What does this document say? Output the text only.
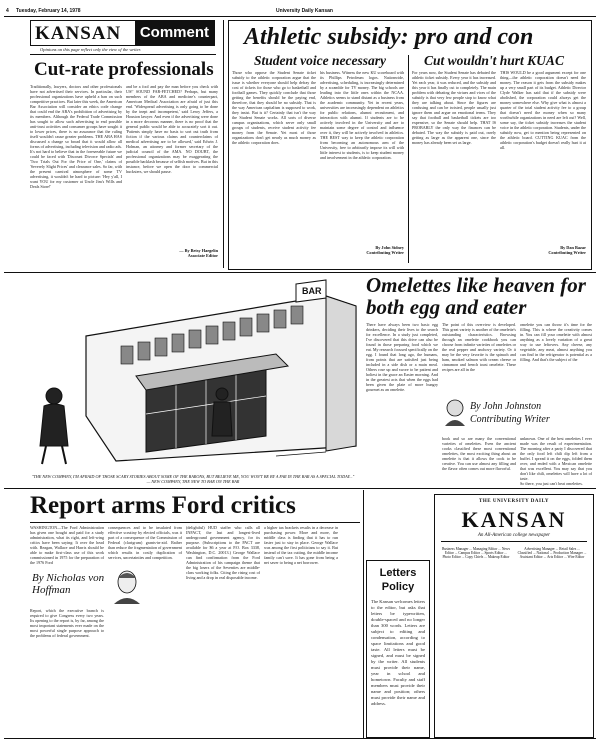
4 Tuesday, February 14, 1978	University Daily Kansan
KANSAN	Comment
Opinions on this page reflect only the view of the writer.
Cut-rate professionals
Traditionally, lawyers, doctors and other professionals have not advertised their services. In particular, their professional organizations have upheld a ban on such competitive practices. But later this week, the American Bar Association will consider an ethics code change that could end the ABA's prohibition of advertising by its members. Although the Federal Trade Commission has sought to allow such advertising to end possible anti-trust activities and consumer groups have sought it to lower prices, there is no assurance that the ruling itself wouldn't cause greater problems. THE ABA HAS discussed a change so broad that it would allow all forms of advertising, including television and radio ads. It's not hard to believe that in the foreseeable future we could be faced with 'Discount Divorce Specials' and 'Two Trials Out For the Price of One,' claims of 'Severely Slight Prices' and clearance sales. So far, with the present carnival atmosphere of some TV advertising, it wouldn't be hard to picture: 'Hey y'all, I want YOU for my customer at Uncle Jim's Wills and Deals Store!'
and be a fool and pay the man before you check with US!' SOUND FAR-FETCHED? Perhaps, but many members of the ABA and medicine's counterpart, American Medical Association are afraid of just this end. 'Widespread advertising is only going to be done by the inept and incompetent,' said Leroy Jeffers, a Houston lawyer. And even if the advertising were done in a more decorous manner, there is no proof that the general public would be able to accurately sort it out. 'Patients simply have no basis to sort out truth from fiction if the various claims and counterclaims of medical advertising are to be allowed,' said Edwin J. Holman, an attorney and former secretary of the judicial council of the AMA. NO DOUBT, the professional organizations may be exaggerating the possible backlash because of selfish motives. But in this instance, before we open the door to commercial hucksters, we should pause.
— By Betsy Haegelin
Associate Editor
Athletic subsidy: pro and con
Student voice necessary	Cut wouldn't hurt KUAC
Those who oppose the Student Senate ticket subsidy to the athletic corporation argue that the issue is whether everyone should help defray the cost of tickets for those who go to basketball and football games. They quickly conclude that those getting the benefits should be the paying end, therefore, that they should be no subsidy. That is the way American capitalism is supposed to work, they insist. But is it? Certainly that isn't the way the Student Senate works. All sorts of diverse campus organizations, which serve only small groups of students, receive student activity fee money from the Senate. Yet most of those organizations don't get nearly as much money as the athletic corporation does.
his business. Witness the new KU scoreboard with its Phillips Petroleum logos. Nationwide, advertising, scheduling, is increasingly determined by a scramble for TV money. The big schools are leading into the little ones within the NCAA. Athletics seems to stand distant as a business from the academic community. Yet in recent years, universities are increasingly dependent on athletics for public relations, alumni recruitment, and interaction with alumni. If students are to be actively involved in the University and are to maintain some degree of control and influence over it, they will be actively involved in athletics. THE BEST way to keep the athletic corporation from becoming an autonomous arm of the University, free to arbitrarily impose its will with little interest to students, is to keep student money and involvement in the athletic corporation.
By John Sidney
Contributing Writer
For years now, the Student Senate has debated the athletic ticket subsidy. Every year it has increased. Yet each year, it was reduced, and the subsidy and this year it has finally cut to completely. The main problem with debating the virtues and vices of the subsidy is that very few people stop to know what they are talking about. Since the figures are confusing and can be twisted, people usually just ignore them and argue on emotional terms. They say that football and basketball tickets are too expensive, so the Senate should help. THAT IS PROBABLY the only way the finances can be debated. The way the subsidy is paid out, rarely getting as large as the apparent one, since the money has already been set as large.
THIS WOULD be a good argument except for one thing—the athletic corporation doesn't need the money. The reason it gets from the subsidy makes up a very small part of its budget. Athletic Director Clyde Walker has said that if the subsidy were abolished, the corporation could always get the money somewhere else. Why give what is almost a quarter of the total student activity fee to a group that doesn't need the money when so many worthwhile organizations in need are left out? Well, some say, the ticket subsidy increases the student voice in the athletic corporation. Students, under the subsidy now, get to mention being represented on the athletic board. CUTTING KUAC from the athletic corporation's budget doesn't really hurt it at all.
By Dan Bazar
Contributing Writer
BAR
"THE NEW COMPANY, I'M AFRAID OF THOSE SCARY STORIES ABOUT SOME OF THE BARONS, BUT BELIEVE ME, YOU WON'T BE BY A FAR IN THE BAR AS A SPECIAL TODAY..." — NEW COMPANY, THE NEW TO BAR ON THE BAR
Omelettes like heaven for both egg and eater
There have always been two basic egg drinkers, deciding their lives to the search for excellence. In a study just completed, I've discovered that this drive can also be found in those preparing food which we eat. My research focused specifically on the egg. I found that long ago, the humans, from points that are satisfied just being included in a side dish or a main meal. Others rose up and swore to be patient and holiest in the grace an Easter morning. And in the greatest acts that when the eggs had been given the plate of more hungry gourmet as an omelette.
The point of this overview is developed. This great variety is another of the omelette's outstanding characteristics. Browsing through an omelette cookbook you can choose from infinite varieties of omelettes or the real pepper and anchovy variety. Or it may be the very favorite is the spinach and ham, smoked salmon with cream cheese or cinnamon and french toast omelette. These recipes are all in the
omelette you can throw it's time for the filling. This is where the creativity comes in. You can fill your omelette with almost anything as a lovely variation of a great way to use leftovers. Any cheese, any vegetable, any meat, almost anything you can find in the refrigerator is potential as a filling. And that's the subject of the
By John Johnston
Contributing Writer
book and so are many the conventional varieties of omelettes. Even the ancient cooks classified these most conventional omelettes, the most exciting thing about an omelette is that it allows the cook to be creative. You can use almost any filling and the flavor often comes out more flavorful.
unknown. One of the best omelettes I ever made was the result of experimentation. The morning after a party I discovered that the only food left chili dip left from a buffet. I spread it on the eggs, folded them over, and ended with a Mexican omelette that was excellent. You may say that you don't like chili, omelettes will have a lot of taste.
So there, you just can't beat omelettes.
Report arms Ford critics
WASHINGTON—The Ford Administration has given one bought and paid for a study administration, what its right, and left-wing critics have been saying: It over the head with. Reagan, Wallace and Harris should be able to make first-class use of this work commissioned in 1975 for the preparation of the 1976 Ford
By Nicholas von Hoffman
Report, which the executive branch is required to give Congress every two years. Its opening to the report is, by far, among the most important statements ever made on the most powerful single purpose approach to the problems of federal government.
consequences and to be insulated from effective scrutiny by elected officials, was it part of a consequence of the Commission of Federal (clarigrum) grants-in-aid. Rather than reduce the fragmentation of government which results in costly duplication of services, uncertainties and competition.
(delightful) HUD staffer who calls all INFACT, the last and longest-lived underground government agency, for its purpose. (Subscriptions to the PACT are available for $6 a year at P.O. Box 3338, Washington, D.C. 20013.) George Wallace can find confirmation from the Ford Administration of his campaign theme that the big losers of the Seventies are middle-class working folks. Citing the rising cost of living and a drop in real disposable income.
a higher tax brackets results in a decrease in purchasing power. More and more, the middle class is finding that it has to run faster just to stay in place. George Wallace was among the first politicians to say it. But instead of the tax cutting, the middle income family can't save. It has gone from being a net saver to being a net borrower.
Letters
Policy
The Kansan welcomes letters to the editor, but asks that letters be typewritten, double-spaced and no longer than 300 words. Letters are subject to editing and condensation, according to space limitations and good taste. All letters must be signed, and must be signed by the writer. All students must provide their name, year in school and hometown. Faculty and staff members must provide their name and position; others must provide their name and address.
THE UNIVERSITY DAILY
KANSAN
An All-American college newspaper
Business Manager ... Managing Editor ... News Editor ... Campus Editor ... Sports Editor ... Photo Editor ... Copy Chiefs ... Makeup Editor
Advertising Manager ... Retail Sales ... Classified ... National ... Production Manager ... Assistant Editor ... Arts Editor ... Wire Editor
